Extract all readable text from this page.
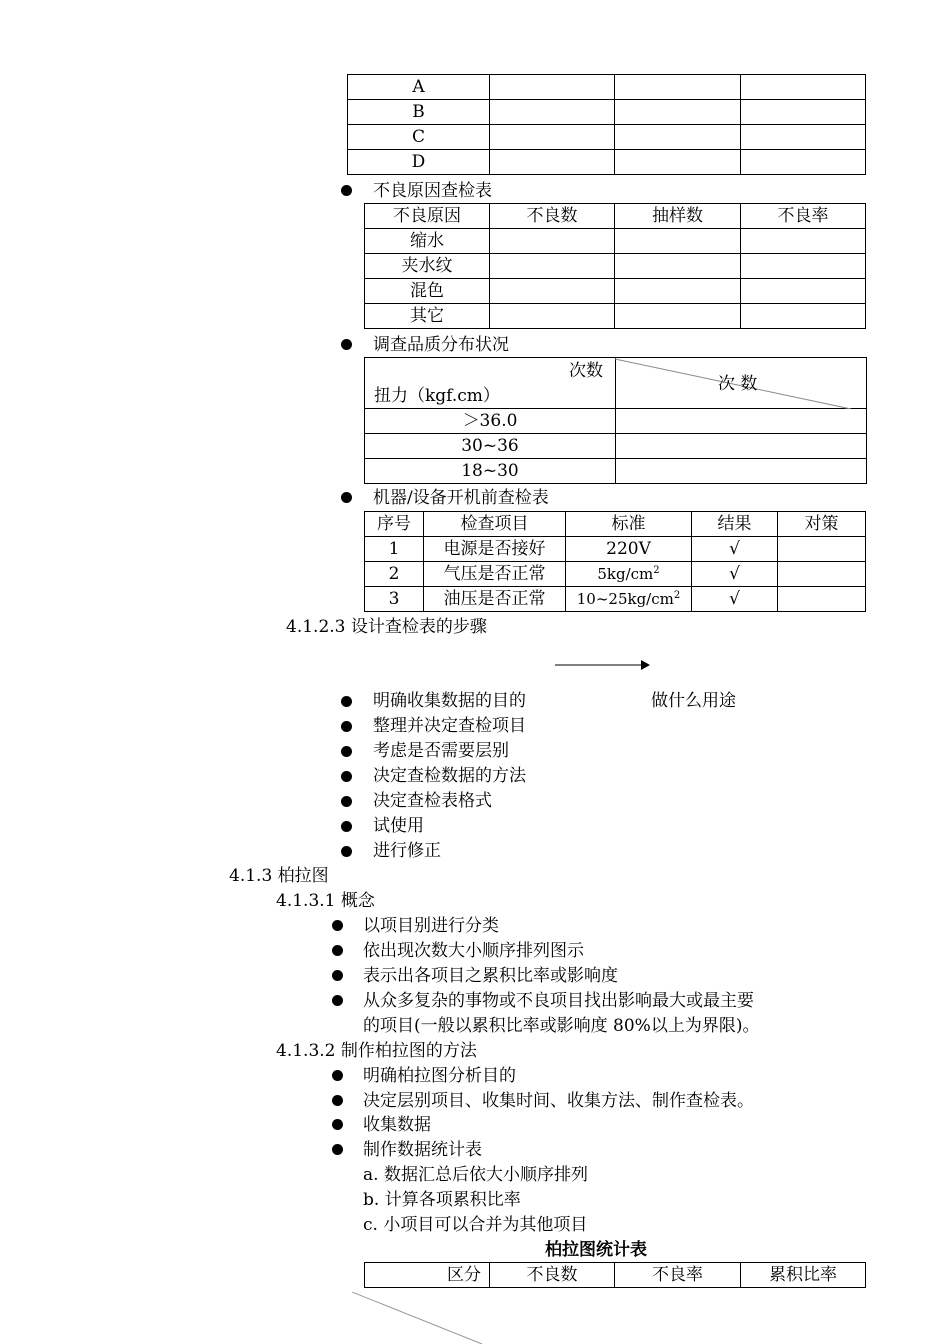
A			
B			
C			
D			
不良原因查检表
不良原因	不良数	抽样数	不良率
缩水			
夹水纹			
混色			
其它			
调查品质分布状况
次数
扭力（kgf.cm）
次 数
＞36.0
30~36
18~30
机器/设备开机前查检表
序号	检查项目	标准	结果	对策
1	电源是否接好	220V	√	
2	气压是否正常	$5kg/cm^2$	√	
3	油压是否正常	$10\sim 25kg/cm^2$	√	
4.1.2.3 设计查检表的步骤
做什么用途
明确收集数据的目的
整理并决定查检项目
考虑是否需要层别
决定查检数据的方法
决定查检表格式
试使用
进行修正
4.1.3 柏拉图
4.1.3.1 概念
以项目别进行分类
依出现次数大小顺序排列图示
表示出各项目之累积比率或影响度
从众多复杂的事物或不良项目找出影响最大或最主要
的项目(一般以累积比率或影响度 80%以上为界限)。
4.1.3.2 制作柏拉图的方法
明确柏拉图分析目的
决定层别项目、收集时间、收集方法、制作查检表。
收集数据
制作数据统计表
a. 数据汇总后依大小顺序排列
b. 计算各项累积比率
c. 小项目可以合并为其他项目
柏拉图统计表
区分	不良数	不良率	累积比率
